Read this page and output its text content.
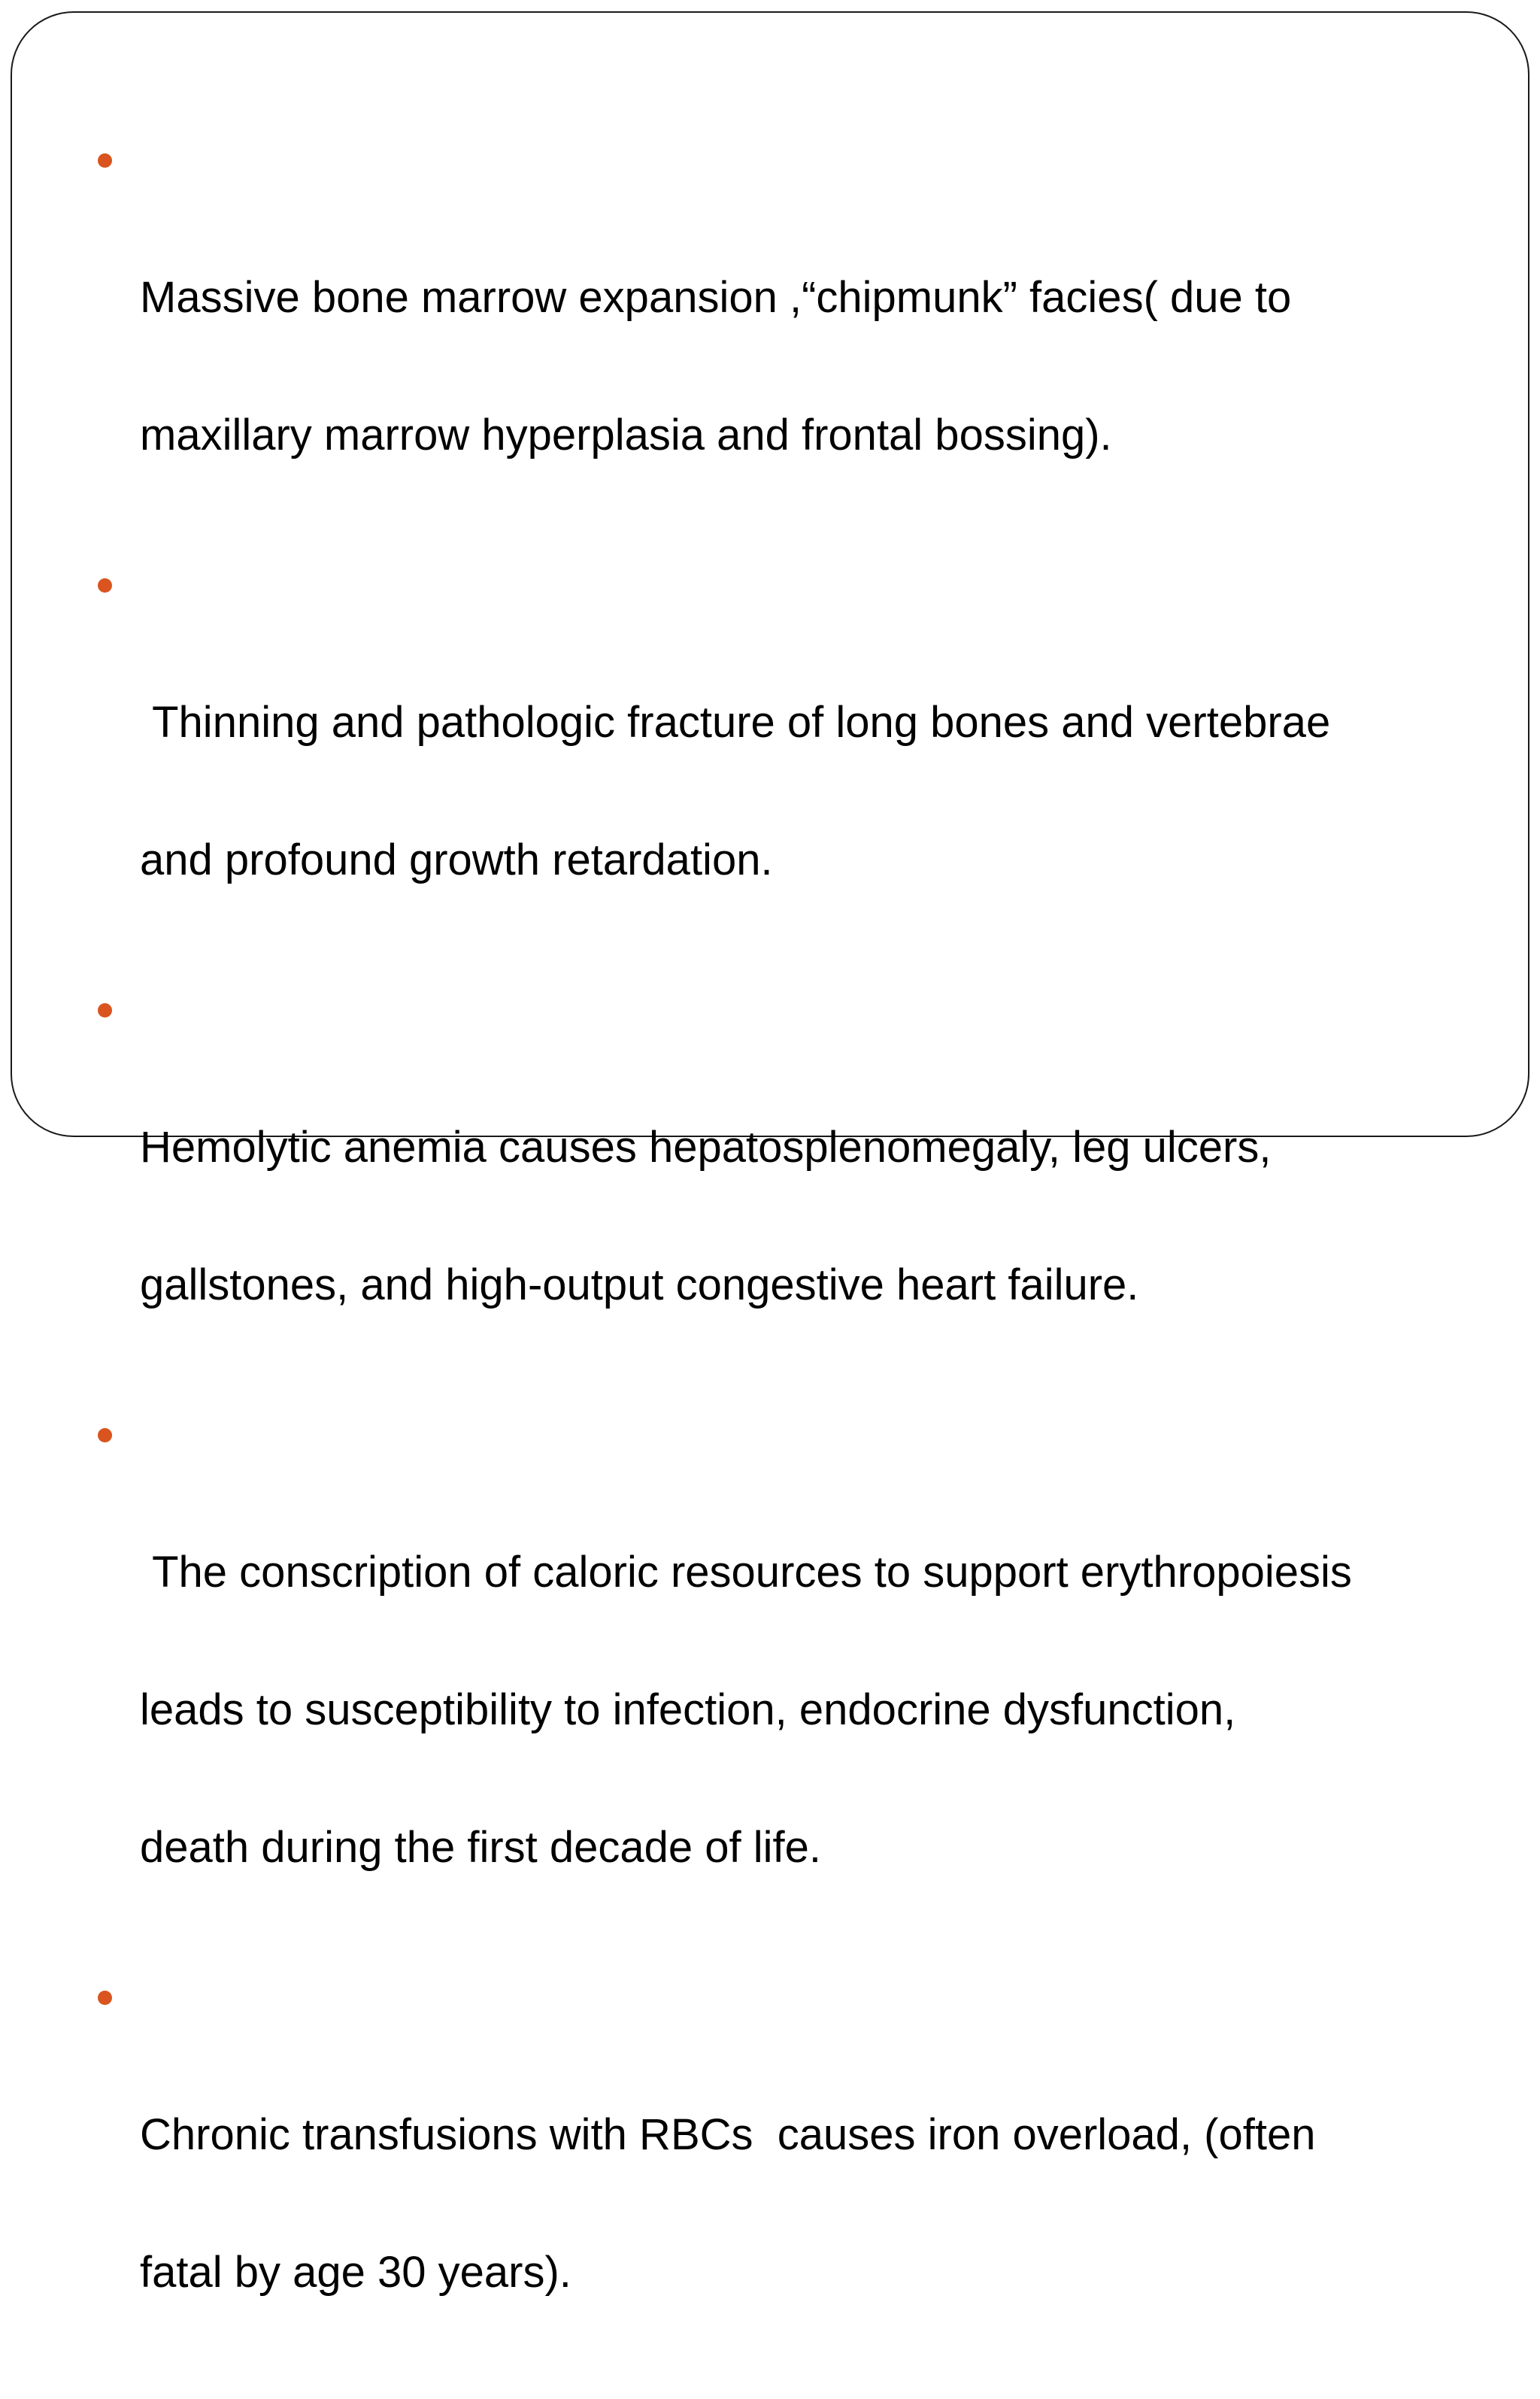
Massive bone marrow expansion ,“chipmunk” facies( due to

maxillary marrow hyperplasia and frontal bossing).

Thinning and pathologic fracture of long bones and vertebrae

and profound growth retardation.

Hemolytic anemia causes hepatosplenomegaly, leg ulcers,

gallstones, and high-output congestive heart failure.

The conscription of caloric resources to support erythropoiesis

leads to susceptibility to infection, endocrine dysfunction,

death during the first decade of life.

Chronic transfusions with RBCs  causes iron overload, (often

fatal by age 30 years).
